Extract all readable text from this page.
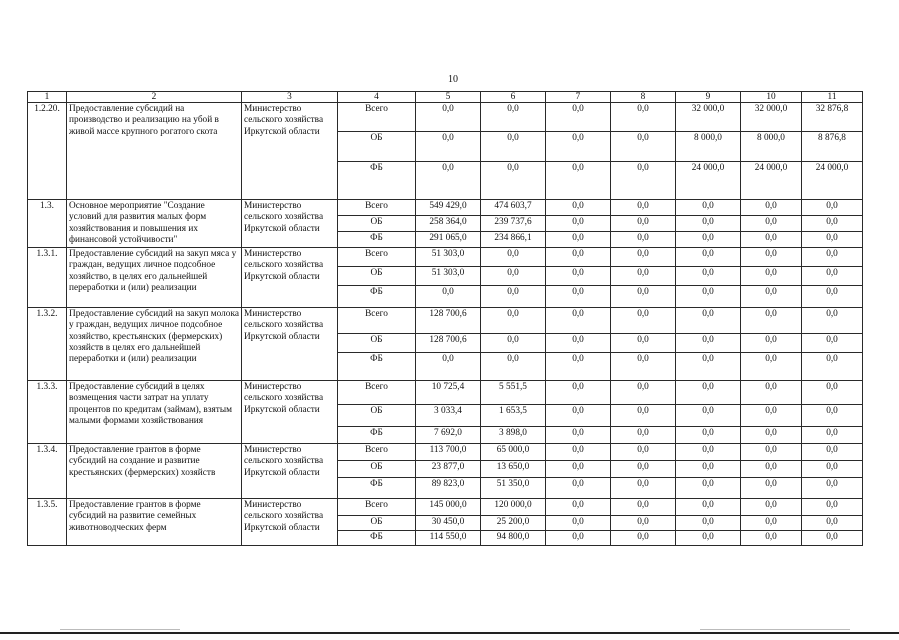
10
1	2	3	4	5	6	7	8	9	10	11
1.2.20.	Предоставление субсидий на производство и реализацию на убой в живой массе крупного рогатого скота	Министерство сельского хозяйства Иркутской области	Всего	0,0	0,0	0,0	0,0	32 000,0	32 000,0	32 876,8
			ОБ	0,0	0,0	0,0	0,0	8 000,0	8 000,0	8 876,8
			ФБ	0,0	0,0	0,0	0,0	24 000,0	24 000,0	24 000,0
1.3.	Основное мероприятие "Создание условий для развития малых форм хозяйствования и повышения их финансовой устойчивости"	Министерство сельского хозяйства Иркутской области	Всего	549 429,0	474 603,7	0,0	0,0	0,0	0,0	0,0
			ОБ	258 364,0	239 737,6	0,0	0,0	0,0	0,0	0,0
			ФБ	291 065,0	234 866,1	0,0	0,0	0,0	0,0	0,0
1.3.1.	Предоставление субсидий на закуп мяса у граждан, ведущих личное подсобное хозяйство, в целях его дальнейшей переработки и (или) реализации	Министерство сельского хозяйства Иркутской области	Всего	51 303,0	0,0	0,0	0,0	0,0	0,0	0,0
			ОБ	51 303,0	0,0	0,0	0,0	0,0	0,0	0,0
			ФБ	0,0	0,0	0,0	0,0	0,0	0,0	0,0
1.3.2.	Предоставление субсидий на закуп молока у граждан, ведущих личное подсобное хозяйство, крестьянских (фермерских) хозяйств в целях его дальнейшей переработки и (или) реализации	Министерство сельского хозяйства Иркутской области	Всего	128 700,6	0,0	0,0	0,0	0,0	0,0	0,0
			ОБ	128 700,6	0,0	0,0	0,0	0,0	0,0	0,0
			ФБ	0,0	0,0	0,0	0,0	0,0	0,0	0,0
1.3.3.	Предоставление субсидий в целях возмещения части затрат на уплату процентов по кредитам (займам), взятым малыми формами хозяйствования	Министерство сельского хозяйства Иркутской области	Всего	10 725,4	5 551,5	0,0	0,0	0,0	0,0	0,0
			ОБ	3 033,4	1 653,5	0,0	0,0	0,0	0,0	0,0
			ФБ	7 692,0	3 898,0	0,0	0,0	0,0	0,0	0,0
1.3.4.	Предоставление грантов в форме субсидий на создание и развитие крестьянских (фермерских) хозяйств	Министерство сельского хозяйства Иркутской области	Всего	113 700,0	65 000,0	0,0	0,0	0,0	0,0	0,0
			ОБ	23 877,0	13 650,0	0,0	0,0	0,0	0,0	0,0
			ФБ	89 823,0	51 350,0	0,0	0,0	0,0	0,0	0,0
1.3.5.	Предоставление грантов в форме субсидий на развитие семейных животноводческих ферм	Министерство сельского хозяйства Иркутской области	Всего	145 000,0	120 000,0	0,0	0,0	0,0	0,0	0,0
			ОБ	30 450,0	25 200,0	0,0	0,0	0,0	0,0	0,0
			ФБ	114 550,0	94 800,0	0,0	0,0	0,0	0,0	0,0
